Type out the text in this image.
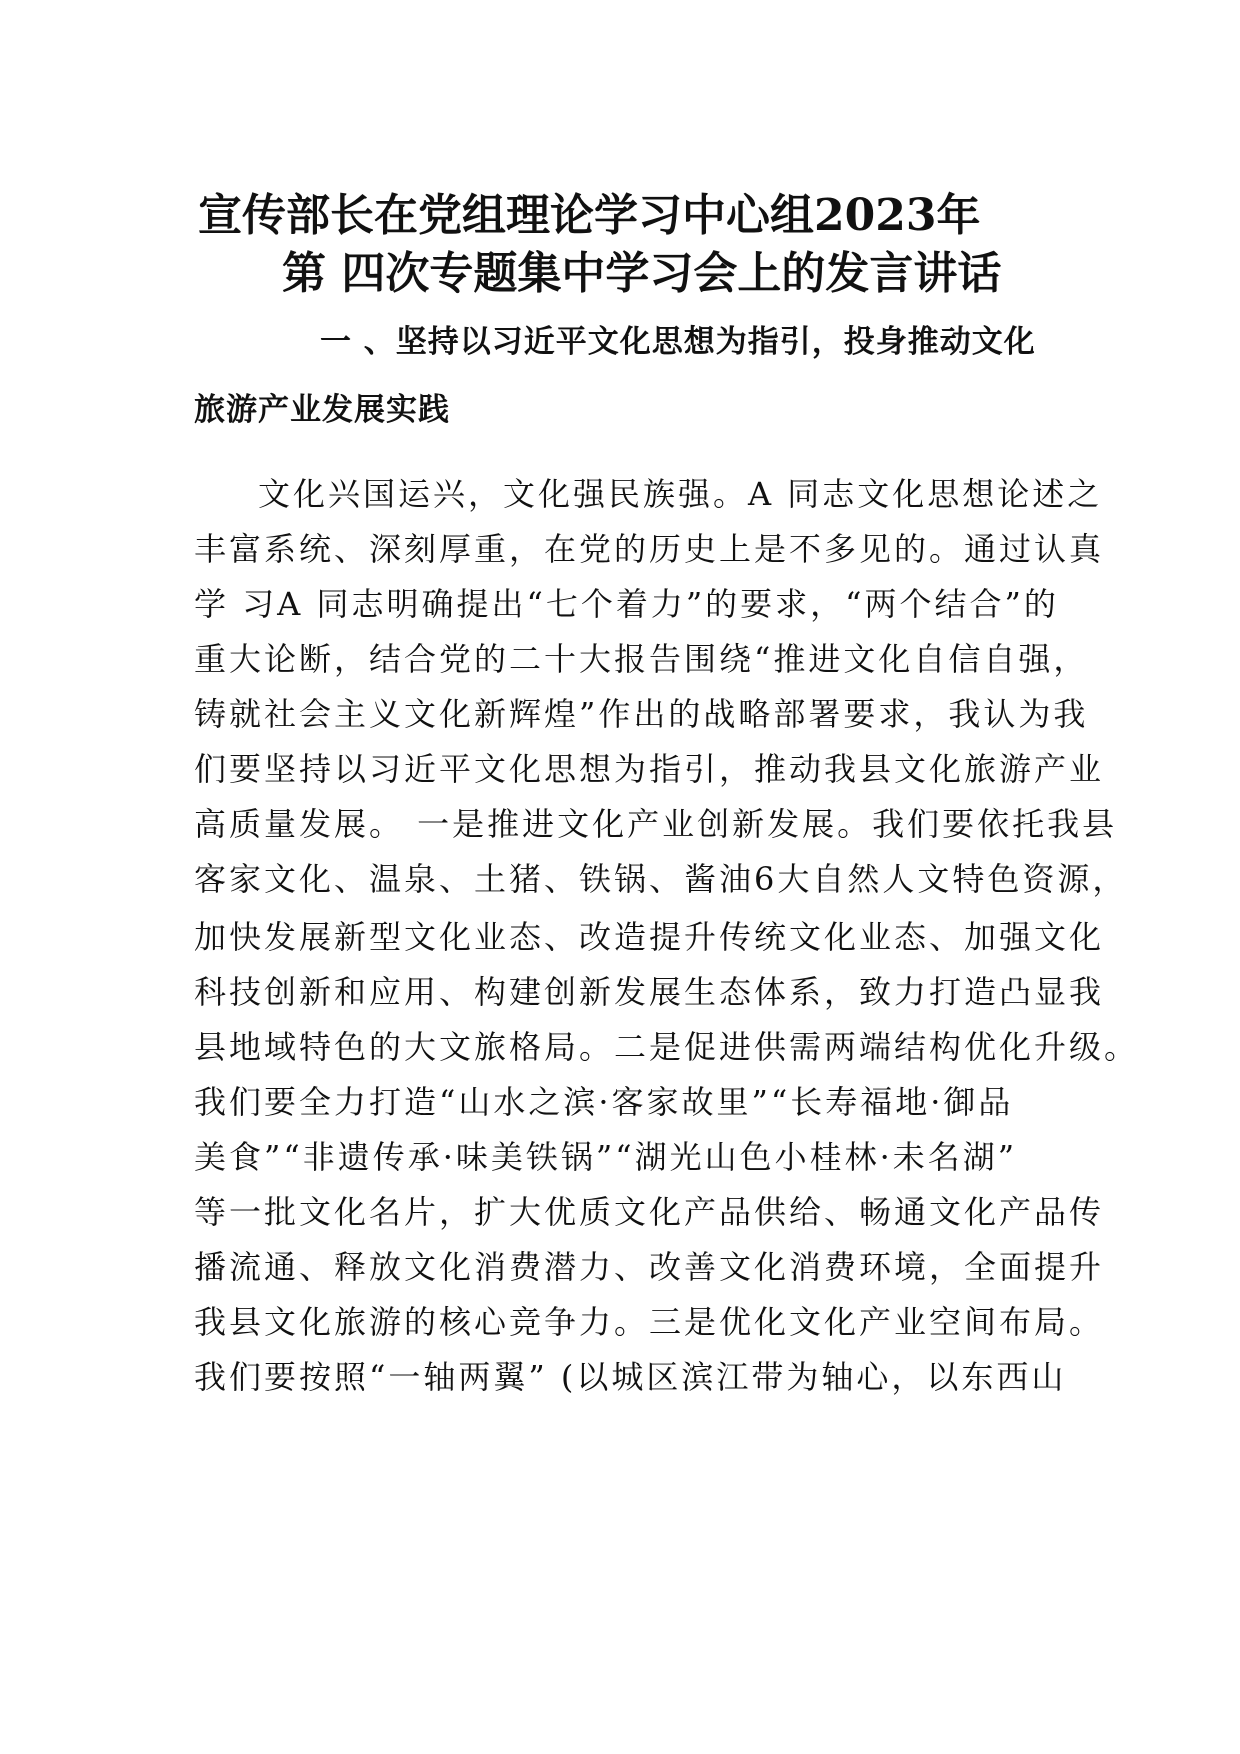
宣传部长在党组理论学习中心组2023年
第 四次专题集中学习会上的发言讲话
一 、坚持以习近平文化思想为指引，投身推动文化
旅游产业发展实践
文化兴国运兴，文化强民族强。A 同志文化思想论述之
丰富系统、深刻厚重，在党的历史上是不多见的。通过认真
学 习A 同志明确提出“七个着力”的要求，“两个结合”的
重大论断，结合党的二十大报告围绕“推进文化自信自强，
铸就社会主义文化新辉煌”作出的战略部署要求，我认为我
们要坚持以习近平文化思想为指引，推动我县文化旅游产业
高质量发展。 一是推进文化产业创新发展。我们要依托我县
客家文化、温泉、土猪、铁锅、酱油6大自然人文特色资源，
加快发展新型文化业态、改造提升传统文化业态、加强文化
科技创新和应用、构建创新发展生态体系，致力打造凸显我
县地域特色的大文旅格局。二是促进供需两端结构优化升级。
我们要全力打造“山水之滨·客家故里”“长寿福地·御品
美食”“非遗传承·味美铁锅”“湖光山色小桂林·未名湖”
等一批文化名片，扩大优质文化产品供给、畅通文化产品传
播流通、释放文化消费潜力、改善文化消费环境，全面提升
我县文化旅游的核心竞争力。三是优化文化产业空间布局。
我们要按照“一轴两翼” (以城区滨江带为轴心，以东西山
